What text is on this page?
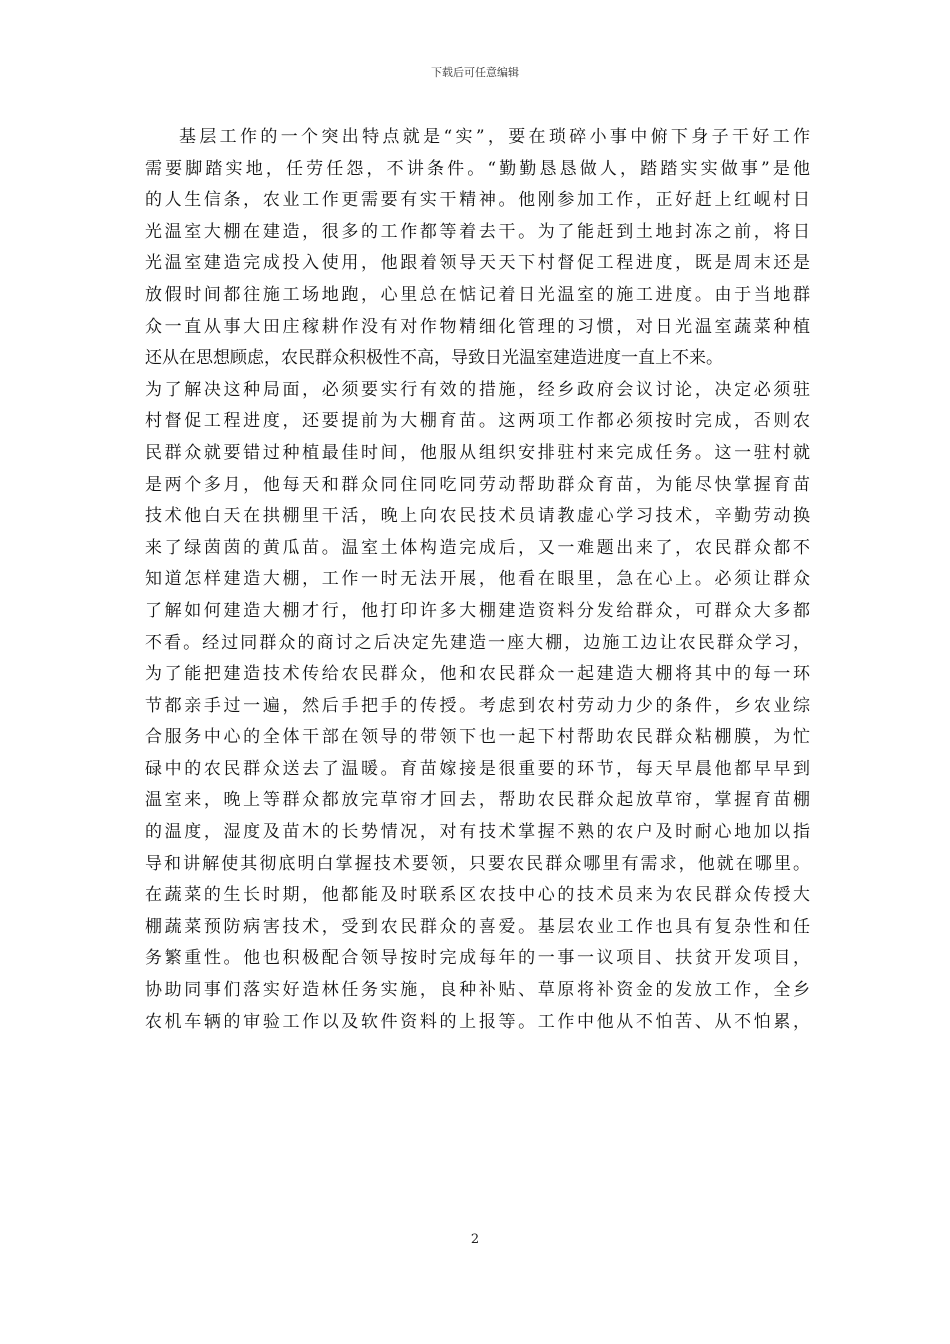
下载后可任意编辑
基层工作的一个突出特点就是“实”，要在琐碎小事中俯下身子干好工作
需要脚踏实地，任劳任怨，不讲条件。“勤勤恳恳做人，踏踏实实做事”是他
的人生信条，农业工作更需要有实干精神。他刚参加工作，正好赶上红岘村日
光温室大棚在建造，很多的工作都等着去干。为了能赶到土地封冻之前，将日
光温室建造完成投入使用，他跟着领导天天下村督促工程进度，既是周末还是
放假时间都往施工场地跑，心里总在惦记着日光温室的施工进度。由于当地群
众一直从事大田庄稼耕作没有对作物精细化管理的习惯，对日光温室蔬菜种植
还从在思想顾虑，农民群众积极性不高，导致日光温室建造进度一直上不来。
为了解决这种局面，必须要实行有效的措施，经乡政府会议讨论，决定必须驻
村督促工程进度，还要提前为大棚育苗。这两项工作都必须按时完成，否则农
民群众就要错过种植最佳时间，他服从组织安排驻村来完成任务。这一驻村就
是两个多月，他每天和群众同住同吃同劳动帮助群众育苗，为能尽快掌握育苗
技术他白天在拱棚里干活，晚上向农民技术员请教虚心学习技术，辛勤劳动换
来了绿茵茵的黄瓜苗。温室土体构造完成后，又一难题出来了，农民群众都不
知道怎样建造大棚，工作一时无法开展，他看在眼里，急在心上。必须让群众
了解如何建造大棚才行，他打印许多大棚建造资料分发给群众，可群众大多都
不看。经过同群众的商讨之后决定先建造一座大棚，边施工边让农民群众学习，
为了能把建造技术传给农民群众，他和农民群众一起建造大棚将其中的每一环
节都亲手过一遍，然后手把手的传授。考虑到农村劳动力少的条件，乡农业综
合服务中心的全体干部在领导的带领下也一起下村帮助农民群众粘棚膜，为忙
碌中的农民群众送去了温暖。育苗嫁接是很重要的环节，每天早晨他都早早到
温室来，晚上等群众都放完草帘才回去，帮助农民群众起放草帘，掌握育苗棚
的温度，湿度及苗木的长势情况，对有技术掌握不熟的农户及时耐心地加以指
导和讲解使其彻底明白掌握技术要领，只要农民群众哪里有需求，他就在哪里。
在蔬菜的生长时期，他都能及时联系区农技中心的技术员来为农民群众传授大
棚蔬菜预防病害技术，受到农民群众的喜爱。基层农业工作也具有复杂性和任
务繁重性。他也积极配合领导按时完成每年的一事一议项目、扶贫开发项目，
协助同事们落实好造林任务实施，良种补贴、草原将补资金的发放工作，全乡
农机车辆的审验工作以及软件资料的上报等。工作中他从不怕苦、从不怕累，
2
